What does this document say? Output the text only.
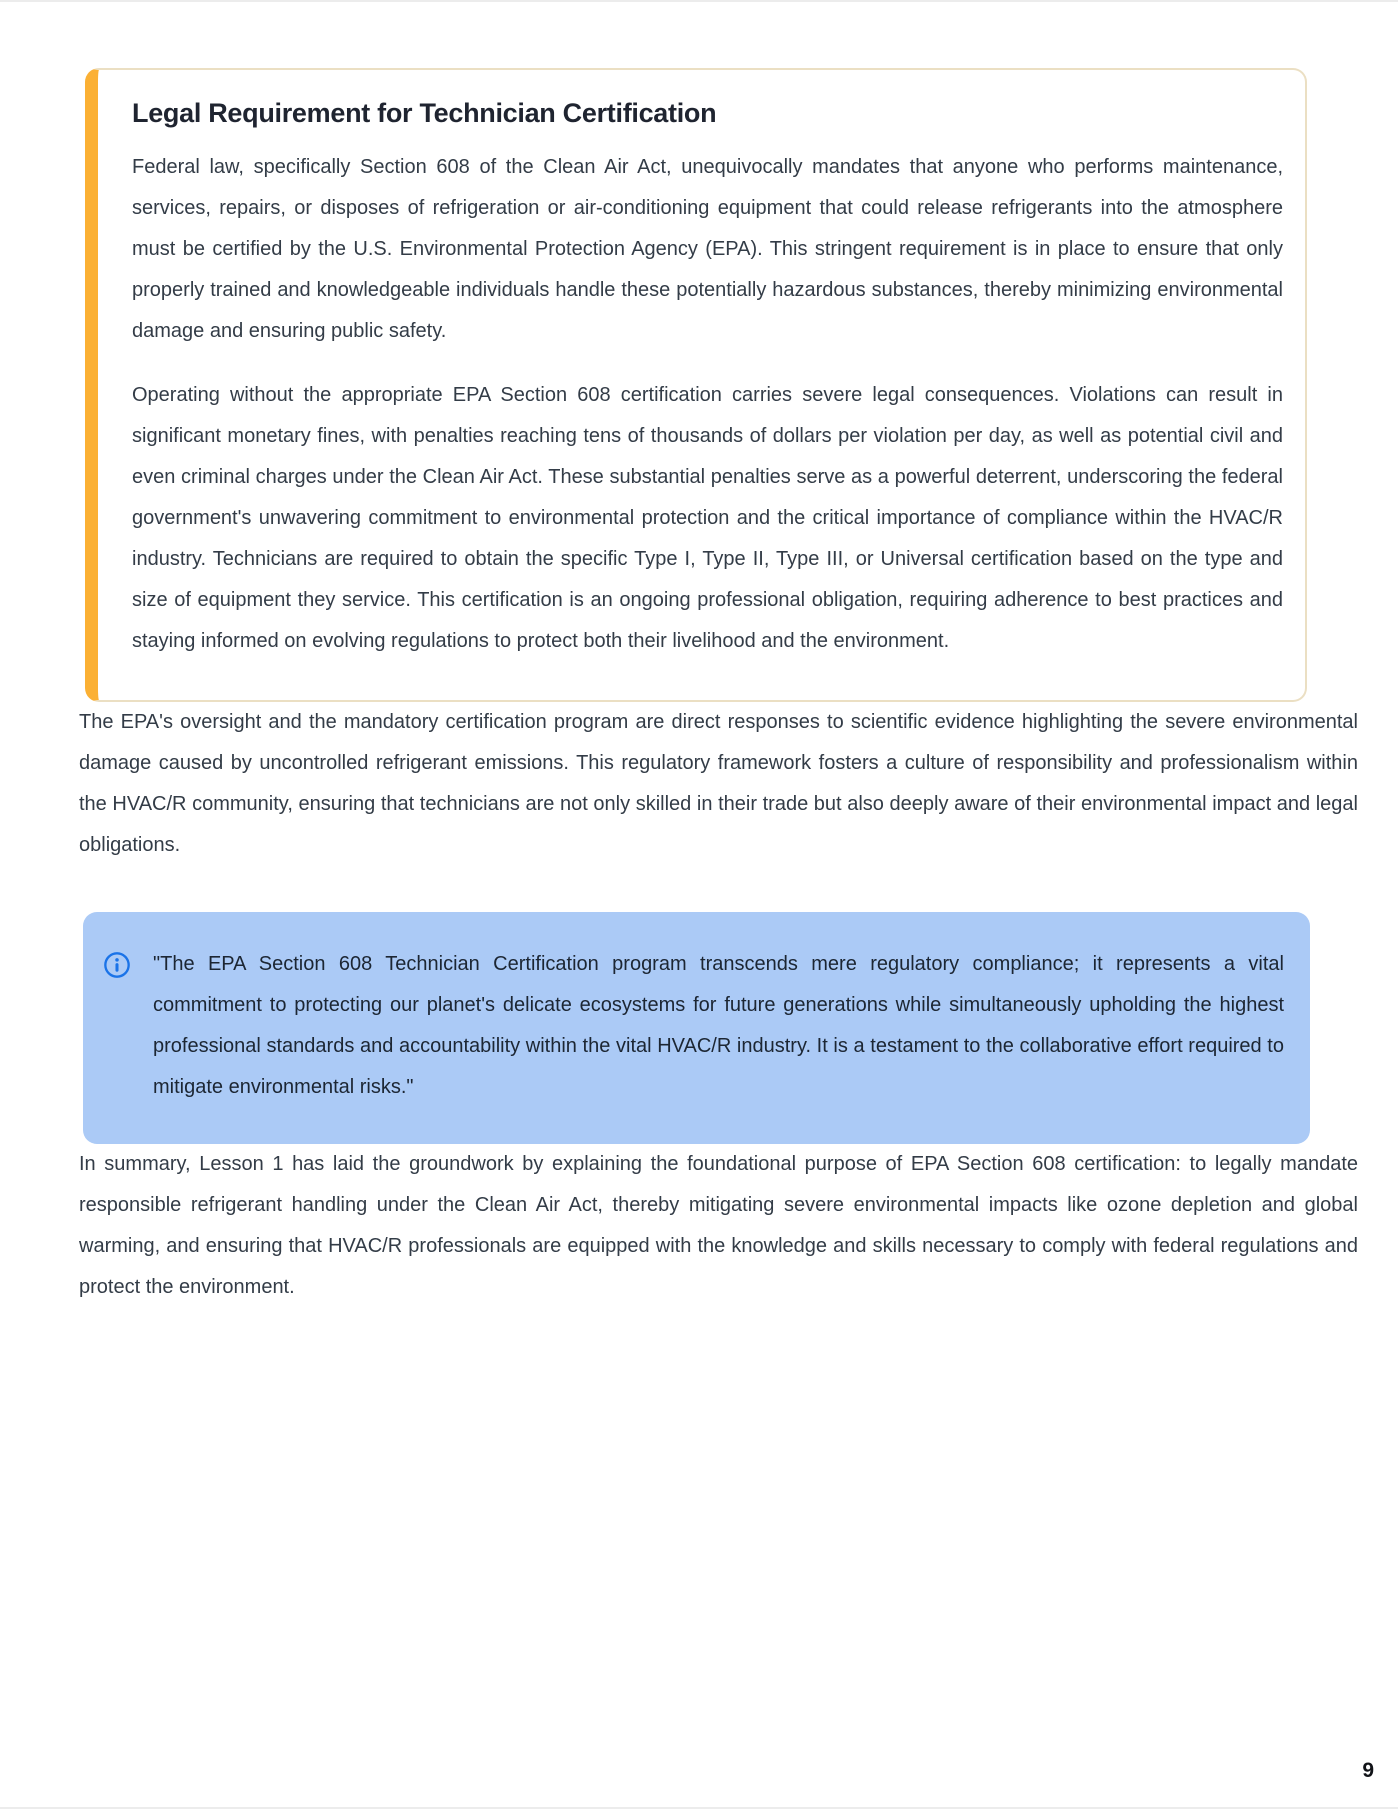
Legal Requirement for Technician Certification

Federal law, specifically Section 608 of the Clean Air Act, unequivocally mandates that anyone who performs maintenance, services, repairs, or disposes of refrigeration or air-conditioning equipment that could release refrigerants into the atmosphere must be certified by the U.S. Environmental Protection Agency (EPA). This stringent requirement is in place to ensure that only properly trained and knowledgeable individuals handle these potentially hazardous substances, thereby minimizing environmental damage and ensuring public safety.

Operating without the appropriate EPA Section 608 certification carries severe legal consequences. Violations can result in significant monetary fines, with penalties reaching tens of thousands of dollars per violation per day, as well as potential civil and even criminal charges under the Clean Air Act. These substantial penalties serve as a powerful deterrent, underscoring the federal government's unwavering commitment to environmental protection and the critical importance of compliance within the HVAC/R industry. Technicians are required to obtain the specific Type I, Type II, Type III, or Universal certification based on the type and size of equipment they service. This certification is an ongoing professional obligation, requiring adherence to best practices and staying informed on evolving regulations to protect both their livelihood and the environment.

The EPA's oversight and the mandatory certification program are direct responses to scientific evidence highlighting the severe environmental damage caused by uncontrolled refrigerant emissions. This regulatory framework fosters a culture of responsibility and professionalism within the HVAC/R community, ensuring that technicians are not only skilled in their trade but also deeply aware of their environmental impact and legal obligations.

"The EPA Section 608 Technician Certification program transcends mere regulatory compliance; it represents a vital commitment to protecting our planet's delicate ecosystems for future generations while simultaneously upholding the highest professional standards and accountability within the vital HVAC/R industry. It is a testament to the collaborative effort required to mitigate environmental risks."

In summary, Lesson 1 has laid the groundwork by explaining the foundational purpose of EPA Section 608 certification: to legally mandate responsible refrigerant handling under the Clean Air Act, thereby mitigating severe environmental impacts like ozone depletion and global warming, and ensuring that HVAC/R professionals are equipped with the knowledge and skills necessary to comply with federal regulations and protect the environment.

9
